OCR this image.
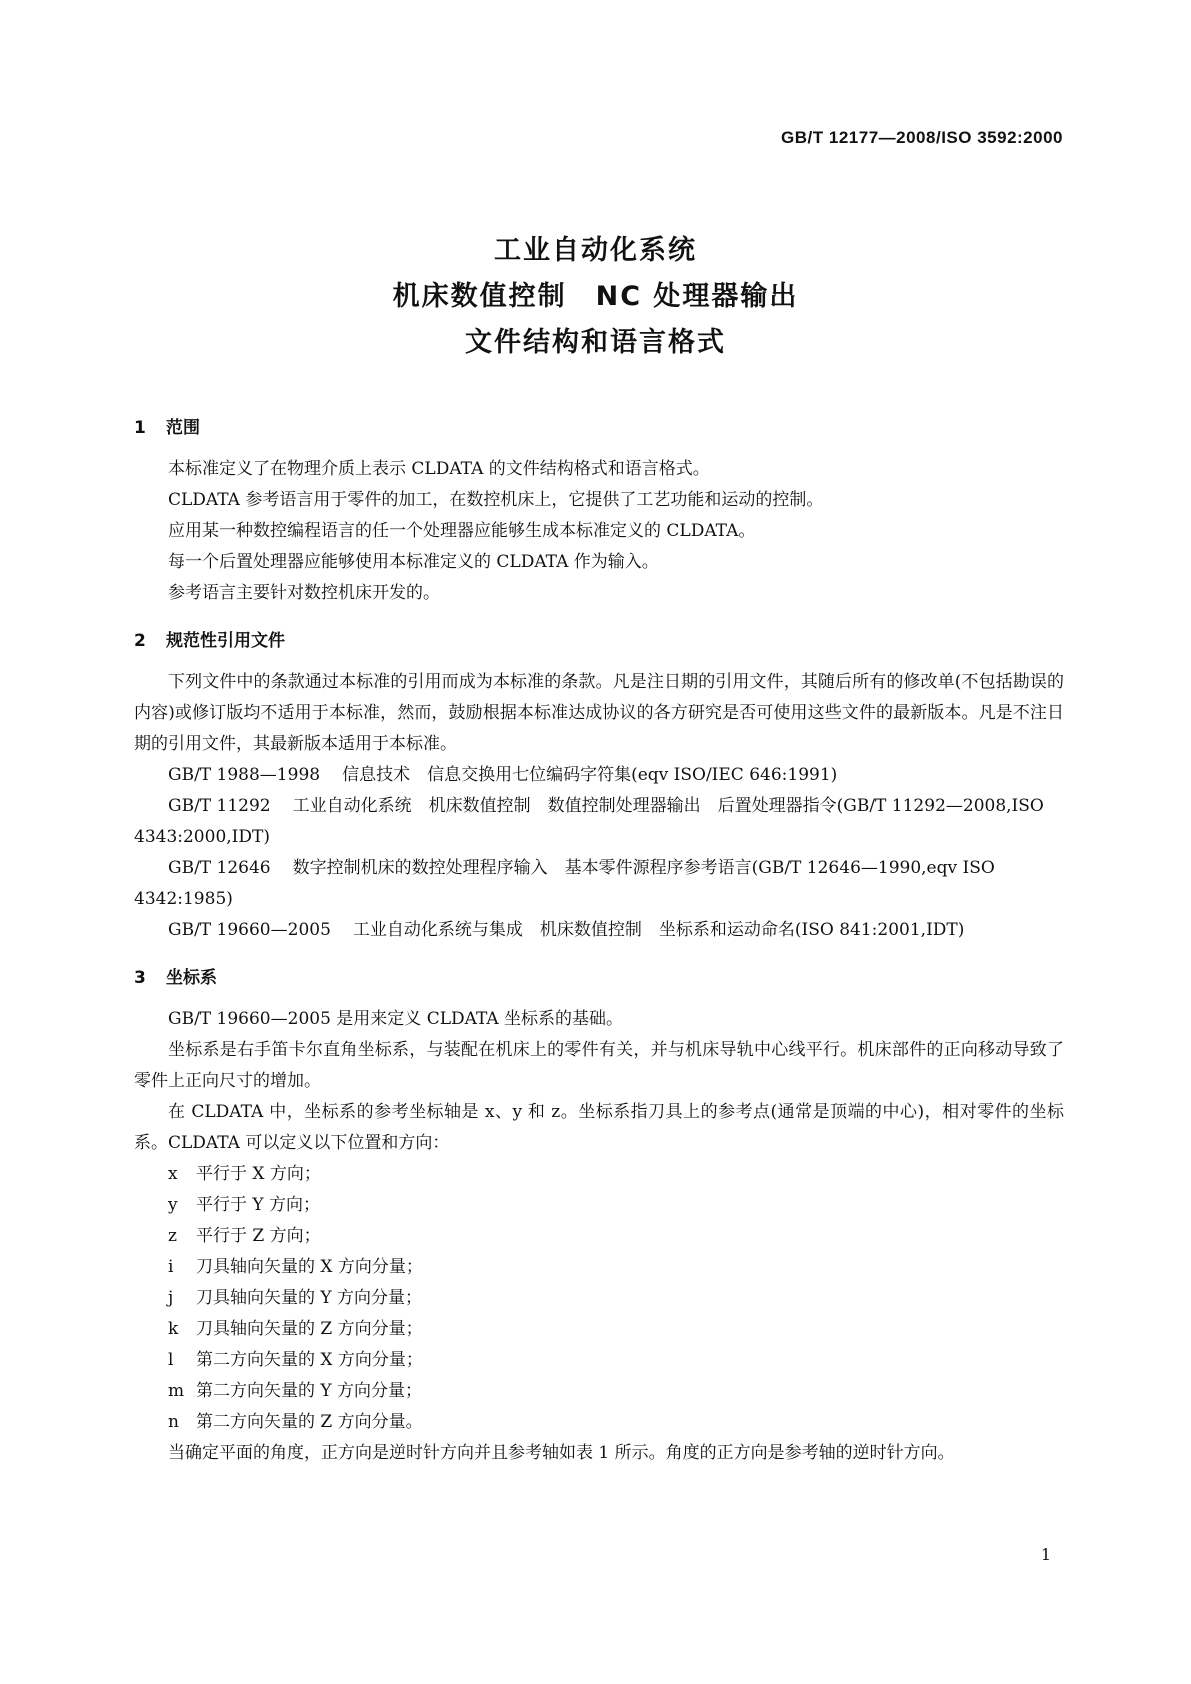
GB/T 12177—2008/ISO 3592:2000
工业自动化系统
机床数值控制　NC 处理器输出
文件结构和语言格式
1 范围
本标准定义了在物理介质上表示 CLDATA 的文件结构格式和语言格式。
CLDATA 参考语言用于零件的加工，在数控机床上，它提供了工艺功能和运动的控制。
应用某一种数控编程语言的任一个处理器应能够生成本标准定义的 CLDATA。
每一个后置处理器应能够使用本标准定义的 CLDATA 作为输入。
参考语言主要针对数控机床开发的。
2 规范性引用文件
下列文件中的条款通过本标准的引用而成为本标准的条款。凡是注日期的引用文件，其随后所有的修改单(不包括勘误的内容)或修订版均不适用于本标准，然而，鼓励根据本标准达成协议的各方研究是否可使用这些文件的最新版本。凡是不注日期的引用文件，其最新版本适用于本标准。
GB/T 1988—1998 信息技术　信息交换用七位编码字符集(eqv ISO/IEC 646:1991)
GB/T 11292 工业自动化系统　机床数值控制　数值控制处理器输出　后置处理器指令(GB/T 11292—2008,ISO 4343:2000,IDT)
GB/T 12646 数字控制机床的数控处理程序输入　基本零件源程序参考语言(GB/T 12646—1990,eqv ISO 4342:1985)
GB/T 19660—2005 工业自动化系统与集成　机床数值控制　坐标系和运动命名(ISO 841:2001,IDT)
3 坐标系
GB/T 19660—2005 是用来定义 CLDATA 坐标系的基础。
坐标系是右手笛卡尔直角坐标系，与装配在机床上的零件有关，并与机床导轨中心线平行。机床部件的正向移动导致了零件上正向尺寸的增加。
在 CLDATA 中，坐标系的参考坐标轴是 x、y 和 z。坐标系指刀具上的参考点(通常是顶端的中心)，相对零件的坐标系。CLDATA 可以定义以下位置和方向：
x 平行于 X 方向；
y 平行于 Y 方向；
z 平行于 Z 方向；
i 刀具轴向矢量的 X 方向分量；
j 刀具轴向矢量的 Y 方向分量；
k 刀具轴向矢量的 Z 方向分量；
l 第二方向矢量的 X 方向分量；
m 第二方向矢量的 Y 方向分量；
n 第二方向矢量的 Z 方向分量。
当确定平面的角度，正方向是逆时针方向并且参考轴如表 1 所示。角度的正方向是参考轴的逆时针方向。
1
